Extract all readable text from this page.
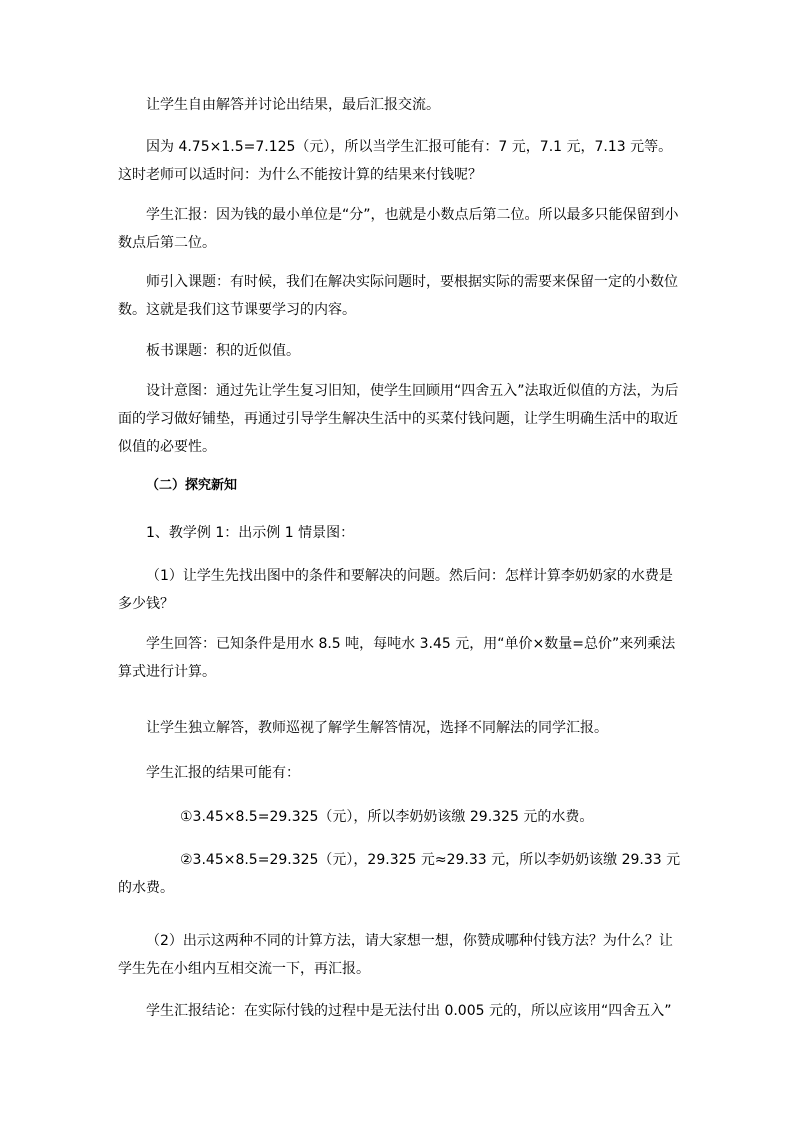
让学生自由解答并讨论出结果，最后汇报交流。

因为 4.75×1.5=7.125（元），所以当学生汇报可能有：7 元，7.1 元，7.13 元等。这时老师可以适时问：为什么不能按计算的结果来付钱呢？

学生汇报：因为钱的最小单位是“分”，也就是小数点后第二位。所以最多只能保留到小数点后第二位。

师引入课题：有时候，我们在解决实际问题时，要根据实际的需要来保留一定的小数位数。这就是我们这节课要学习的内容。

板书课题：积的近似值。

设计意图：通过先让学生复习旧知，使学生回顾用“四舍五入”法取近似值的方法，为后面的学习做好铺垫，再通过引导学生解决生活中的买菜付钱问题，让学生明确生活中的取近似值的必要性。

（二）探究新知

1、教学例 1：出示例 1 情景图：

（1）让学生先找出图中的条件和要解决的问题。然后问：怎样计算李奶奶家的水费是多少钱？

学生回答：已知条件是用水 8.5 吨，每吨水 3.45 元，用“单价×数量=总价”来列乘法算式进行计算。

让学生独立解答，教师巡视了解学生解答情况，选择不同解法的同学汇报。

学生汇报的结果可能有：

①3.45×8.5=29.325（元），所以李奶奶该缴 29.325 元的水费。

②3.45×8.5=29.325（元），29.325 元≈29.33 元，所以李奶奶该缴 29.33 元的水费。

（2）出示这两种不同的计算方法，请大家想一想，你赞成哪种付钱方法？为什么？让学生先在小组内互相交流一下，再汇报。

学生汇报结论：在实际付钱的过程中是无法付出 0.005 元的，所以应该用“四舍五入”
